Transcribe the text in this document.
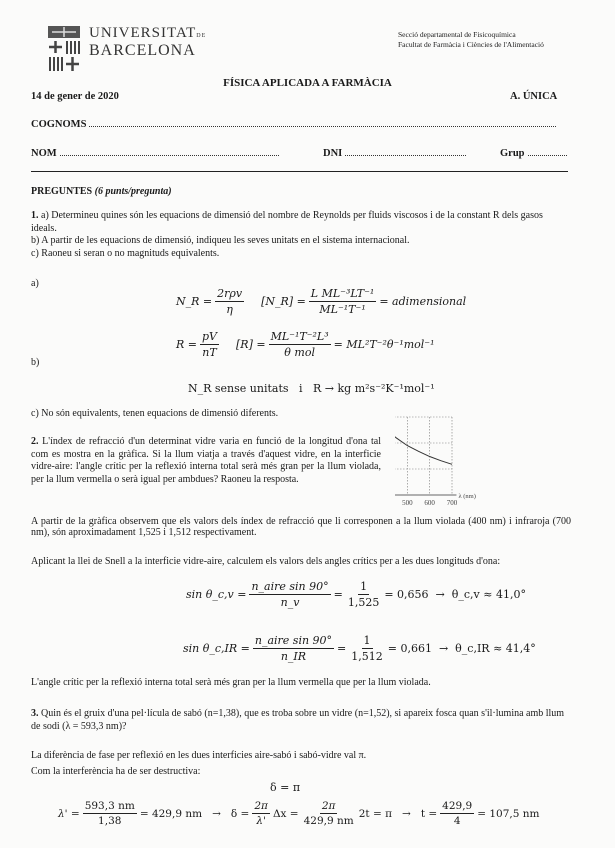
UNIVERSITATDE
BARCELONA
Secció departamental de Fisicoquímica
Facultat de Farmàcia i Ciències de l'Alimentació
FÍSICA APLICADA A FARMÀCIA
14 de gener de 2020	A. ÚNICA
COGNOMS
NOM	DNI	Grup
PREGUNTES (6 punts/pregunta)

1. a) Determineu quines són les equacions de dimensió del nombre de Reynolds per fluids viscosos i de la constant R dels gasos ideals.

b) A partir de les equacions de dimensió, indiqueu les seves unitats en el sistema internacional.

c) Raoneu si seran o no magnituds equivalents.

a)
N_R = $\frac{\text{2rρv}}{\eta}$ [N_R] = $\frac{\text{L ML⁻³LT⁻¹}}{\text{ML⁻¹T⁻¹}}$ = adimensional
$R = \frac{pV}{nT} [R] = \frac{\text{ML⁻¹T⁻²L³}}{\text{θ mol}} = ML^2T^{-2}\theta^{-1}mol^{-1}$
b)
N_R sense unitats   i   R → kg m²s⁻²K⁻¹mol⁻¹
c) No són equivalents, tenen equacions de dimensió diferents.

2. L'índex de refracció d'un determinat vidre varia en funció de la longitud d'ona tal com es mostra en la gràfica. Si la llum viatja a través d'aquest vidre, en la interficie vidre-aire: l'angle crític per la reflexió interna total serà més gran per la llum violada, per la llum vermella o serà igual per ambdues? Raoneu la resposta.

500 600 700
λ (nm)
A partir de la gràfica observem que els valors dels índex de refracció que li corresponen a la llum violada (400 nm) i infraroja (700 nm), són aproximadament 1,525 i 1,512 respectivament.
Aplicant la llei de Snell a la interficie vidre-aire, calculem els valors dels angles crítics per a les dues longituds d'ona:
sin θ_c,v = $\frac{\text{n\_aire sin 90°}}{n\_v} = \frac{1}{1,525} = 0,656$  →  θ_c,v ≈ 41,0°
sin θ_c,IR = $\frac{\text{n\_aire sin 90°}}{n\_IR} = \frac{1}{1,512} = 0,661$  →  θ_c,IR ≈ 41,4°
L'angle crític per la reflexió interna total serà més gran per la llum vermella que per la llum violada.

3. Quin és el gruix d'una pel·lícula de sabó (n=1,38), que es troba sobre un vidre (n=1,52), si apareix fosca quan s'il·lumina amb llum de sodi (λ = 593,3 nm)?

La diferència de fase per reflexió en les dues interficies aire-sabó i sabó-vidre val π.
Com la interferència ha de ser destructiva:
δ = π
$\lambda' = \frac{593,3 nm}{1,38} = 429,9$ nm   →   $\delta = \frac{2\pi}{\lambda'}$ $\Delta x = \frac{2\pi}{429,9 nm} 2t = \pi \to t = \frac{429,9}{4} = 107,5$ nm
